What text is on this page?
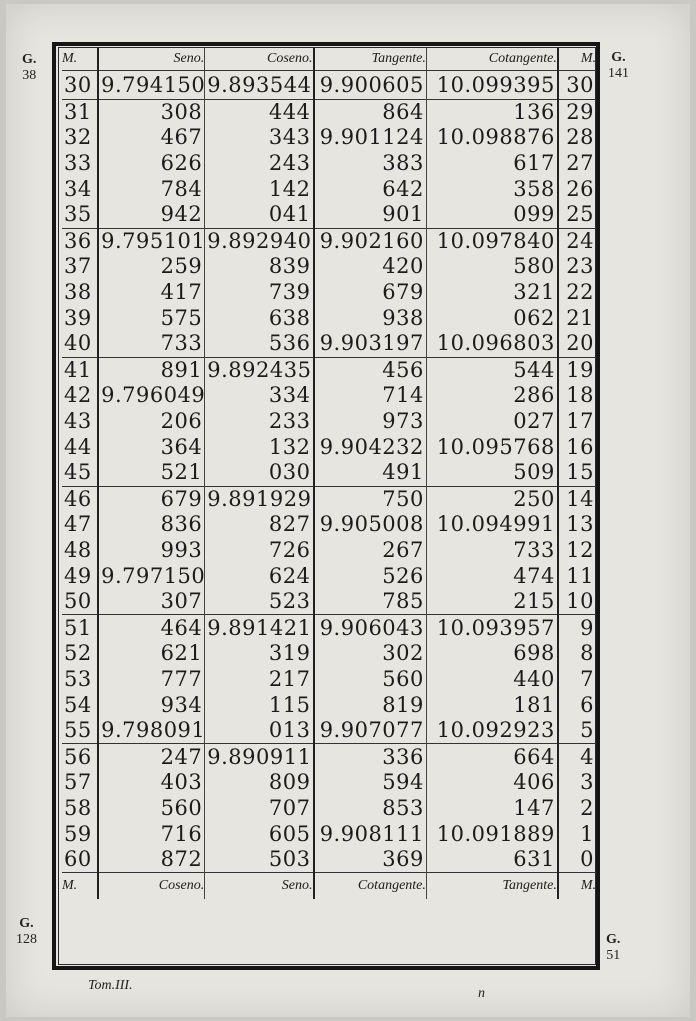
G.
38
G.
141
G.
128	G.
51
M.	Seno.	Coseno.	Tangente.	Cotangente.	M.
30	9.794150	9.893544	9.900605	10.099395	30
31	308	444	864	136	29
32	467	343	9.901124	10.098876	28
33	626	243	383	617	27
34	784	142	642	358	26
35	942	041	901	099	25
36	9.795101	9.892940	9.902160	10.097840	24
37	259	839	420	580	23
38	417	739	679	321	22
39	575	638	938	062	21
40	733	536	9.903197	10.096803	20
41	891	9.892435	456	544	19
42	9.796049	334	714	286	18
43	206	233	973	027	17
44	364	132	9.904232	10.095768	16
45	521	030	491	509	15
46	679	9.891929	750	250	14
47	836	827	9.905008	10.094991	13
48	993	726	267	733	12
49	9.797150	624	526	474	11
50	307	523	785	215	10
51	464	9.891421	9.906043	10.093957	9
52	621	319	302	698	8
53	777	217	560	440	7
54	934	115	819	181	6
55	9.798091	013	9.907077	10.092923	5
56	247	9.890911	336	664	4
57	403	809	594	406	3
58	560	707	853	147	2
59	716	605	9.908111	10.091889	1
60	872	503	369	631	0
M.	Coseno.	Seno.	Cotangente.	Tangente.	M.
Tom.III.
n
